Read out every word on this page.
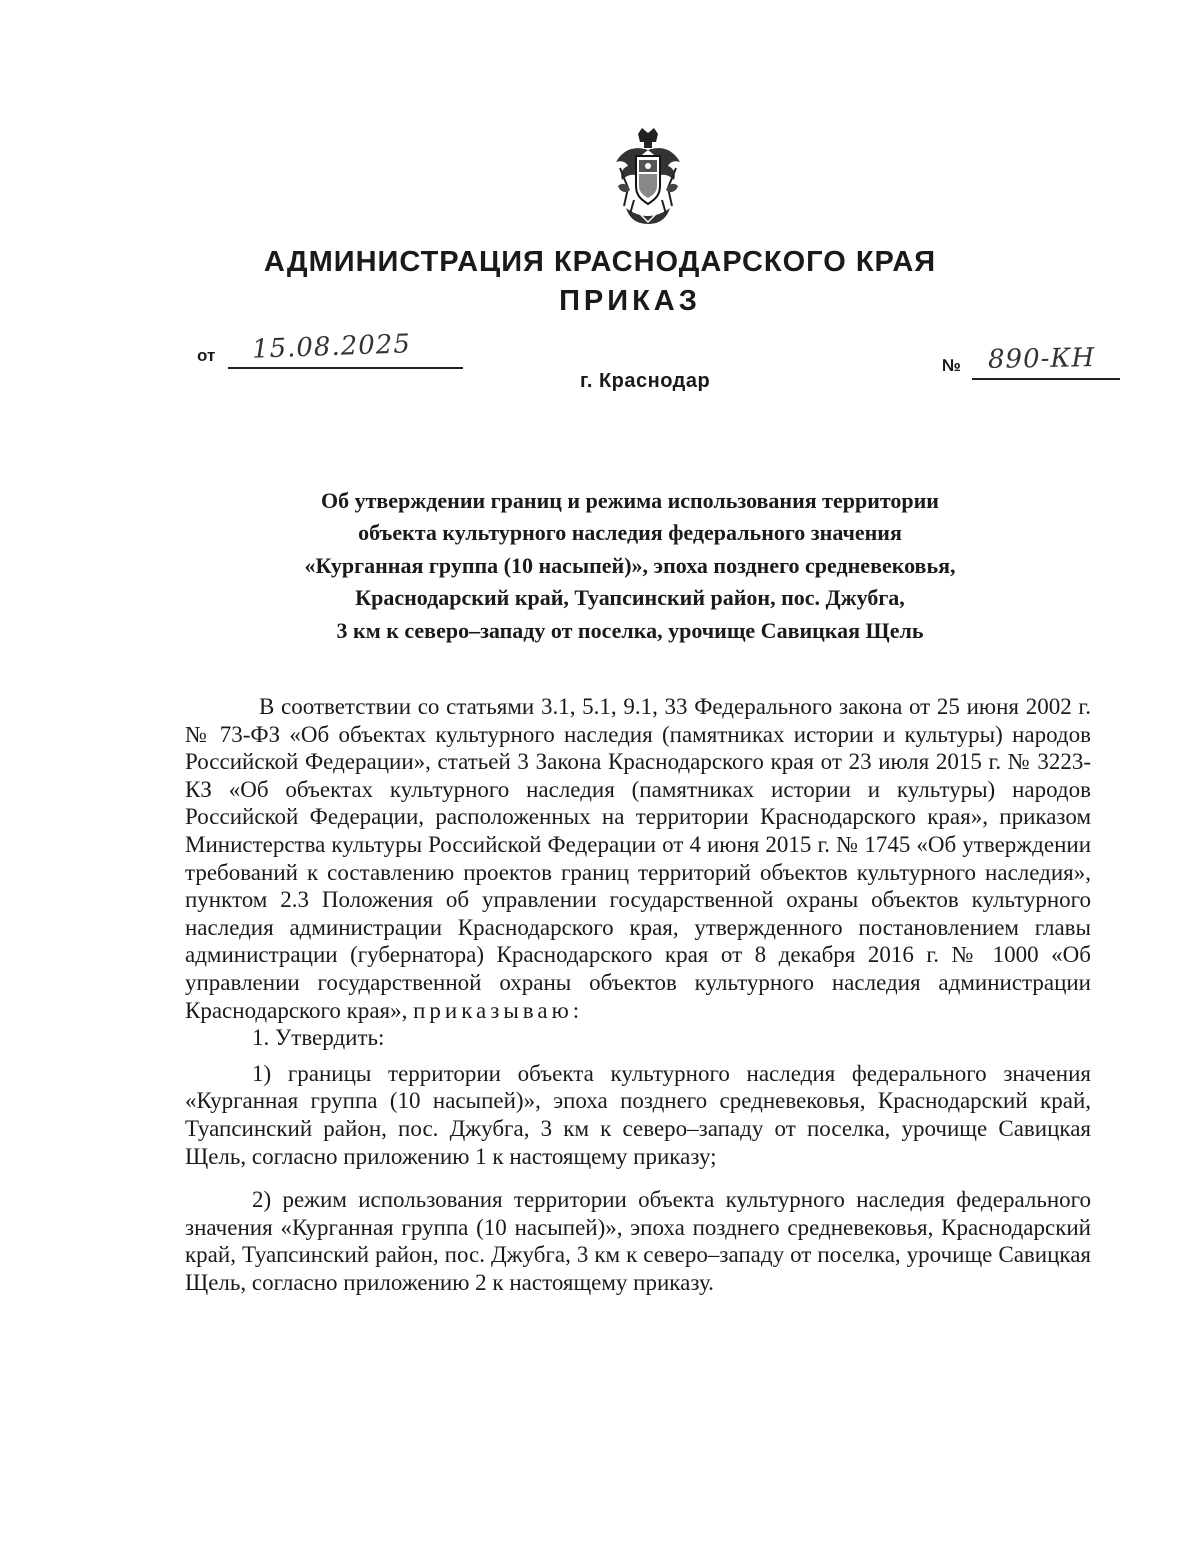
АДМИНИСТРАЦИЯ КРАСНОДАРСКОГО КРАЯ
ПРИКАЗ
от 15.08.2025
г. Краснодар
№ 890-КН
Об утверждении границ и режима использования территории
объекта культурного наследия федерального значения
«Курганная группа (10 насыпей)», эпоха позднего средневековья,
Краснодарский край, Туапсинский район, пос. Джубга,
3 км к северо–западу от поселка, урочище Савицкая Щель

В соответствии со статьями 3.1, 5.1, 9.1, 33 Федерального закона от 25 июня 2002 г. № 73-ФЗ «Об объектах культурного наследия (памятниках истории и культуры) народов Российской Федерации», статьей 3 Закона Краснодарского края от 23 июля 2015 г. № 3223-КЗ «Об объектах культурного наследия (памятниках истории и культуры) народов Российской Федерации, расположенных на территории Краснодарского края», приказом Министерства культуры Российской Федерации от 4 июня 2015 г. № 1745 «Об утверждении требований к составлению проектов границ территорий объектов культурного наследия», пунктом 2.3 Положения об управлении государственной охраны объектов культурного наследия администрации Краснодарского края, утвержденного постановлением главы администрации (губернатора) Краснодарского края от 8 декабря 2016 г. № 1000 «Об управлении государственной охраны объектов культурного наследия администрации Краснодарского края», приказываю:

1. Утвердить:

1) границы территории объекта культурного наследия федерального значения «Курганная группа (10 насыпей)», эпоха позднего средневековья, Краснодарский край, Туапсинский район, пос. Джубга, 3 км к северо–западу от поселка, урочище Савицкая Щель, согласно приложению 1 к настоящему приказу;

2) режим использования территории объекта культурного наследия федерального значения «Курганная группа (10 насыпей)», эпоха позднего средневековья, Краснодарский край, Туапсинский район, пос. Джубга, 3 км к северо–западу от поселка, урочище Савицкая Щель, согласно приложению 2 к настоящему приказу.
